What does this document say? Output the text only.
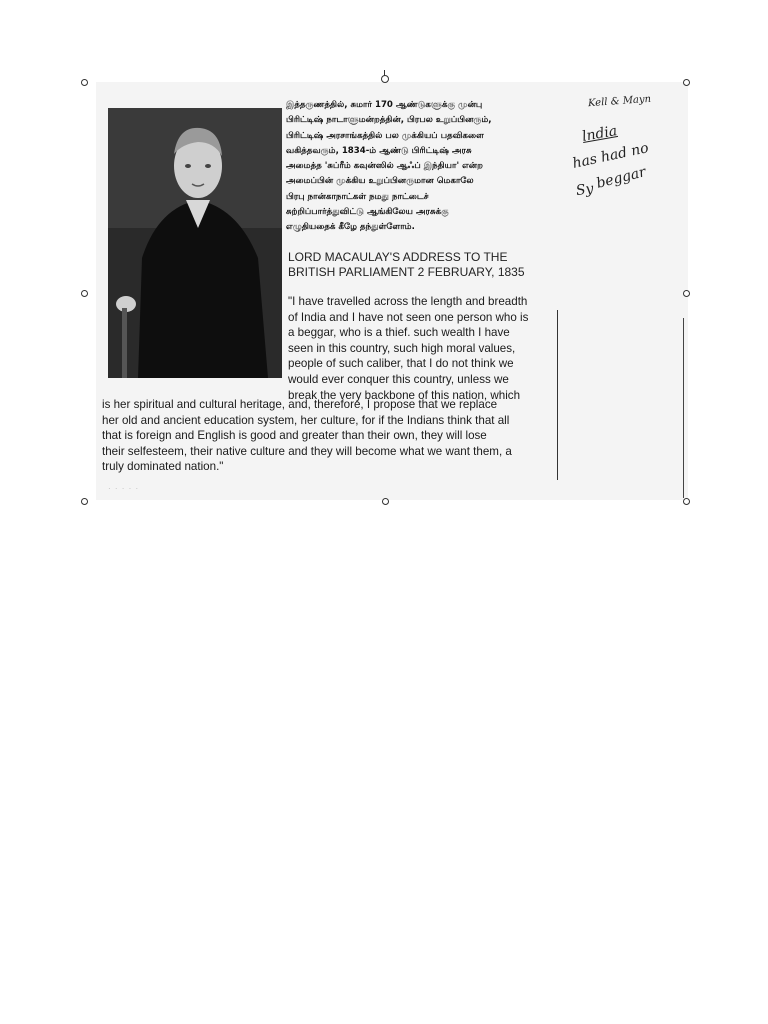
இத்தருணத்தில், சுமார் 170 ஆண்டுகளுக்கு முன்பு
பிரிட்டிஷ் நாடாளுமன்றத்தின், பிரபல உறுப்பினரும்,
பிரிட்டிஷ் அரசாங்கத்தில் பல முக்கியப் பதவிகளை
வகித்தவரும், 1834-ம் ஆண்டு பிரிட்டிஷ் அரசு
அமைத்த 'சுப்ரீம் கவுன்ஸில் ஆஃப் இந்தியா' என்ற
அமைப்பின் முக்கிய உறுப்பினருமான மெகாலே
பிரபு நான்காநாட்கள் நமது நாட்டைச்
சுற்றிப்பார்த்துவிட்டு ஆங்கிலேய அரசுக்கு
எழுதியதைக் கீழே தந்துள்ளோம்.
LORD MACAULAY'S ADDRESS TO THE
BRITISH PARLIAMENT 2 FEBRUARY, 1835
"I have travelled across the length and breadth
of India and I have not seen one person who is
a beggar, who is a thief. such wealth I have
seen in this country, such high moral values,
people of such caliber, that I do not think we
would ever conquer this country, unless we
break the very backbone of this nation, which
is her spiritual and cultural heritage, and, therefore, I propose that we replace
her old and ancient education system, her culture, for if the Indians think that all
that is foreign and English is good and greater than their own, they will lose
their selfesteem, their native culture and they will become what we want them, a
truly dominated nation."
Kell & Mayn
lndia
has had no
beggar
Sy
· · · · ·
